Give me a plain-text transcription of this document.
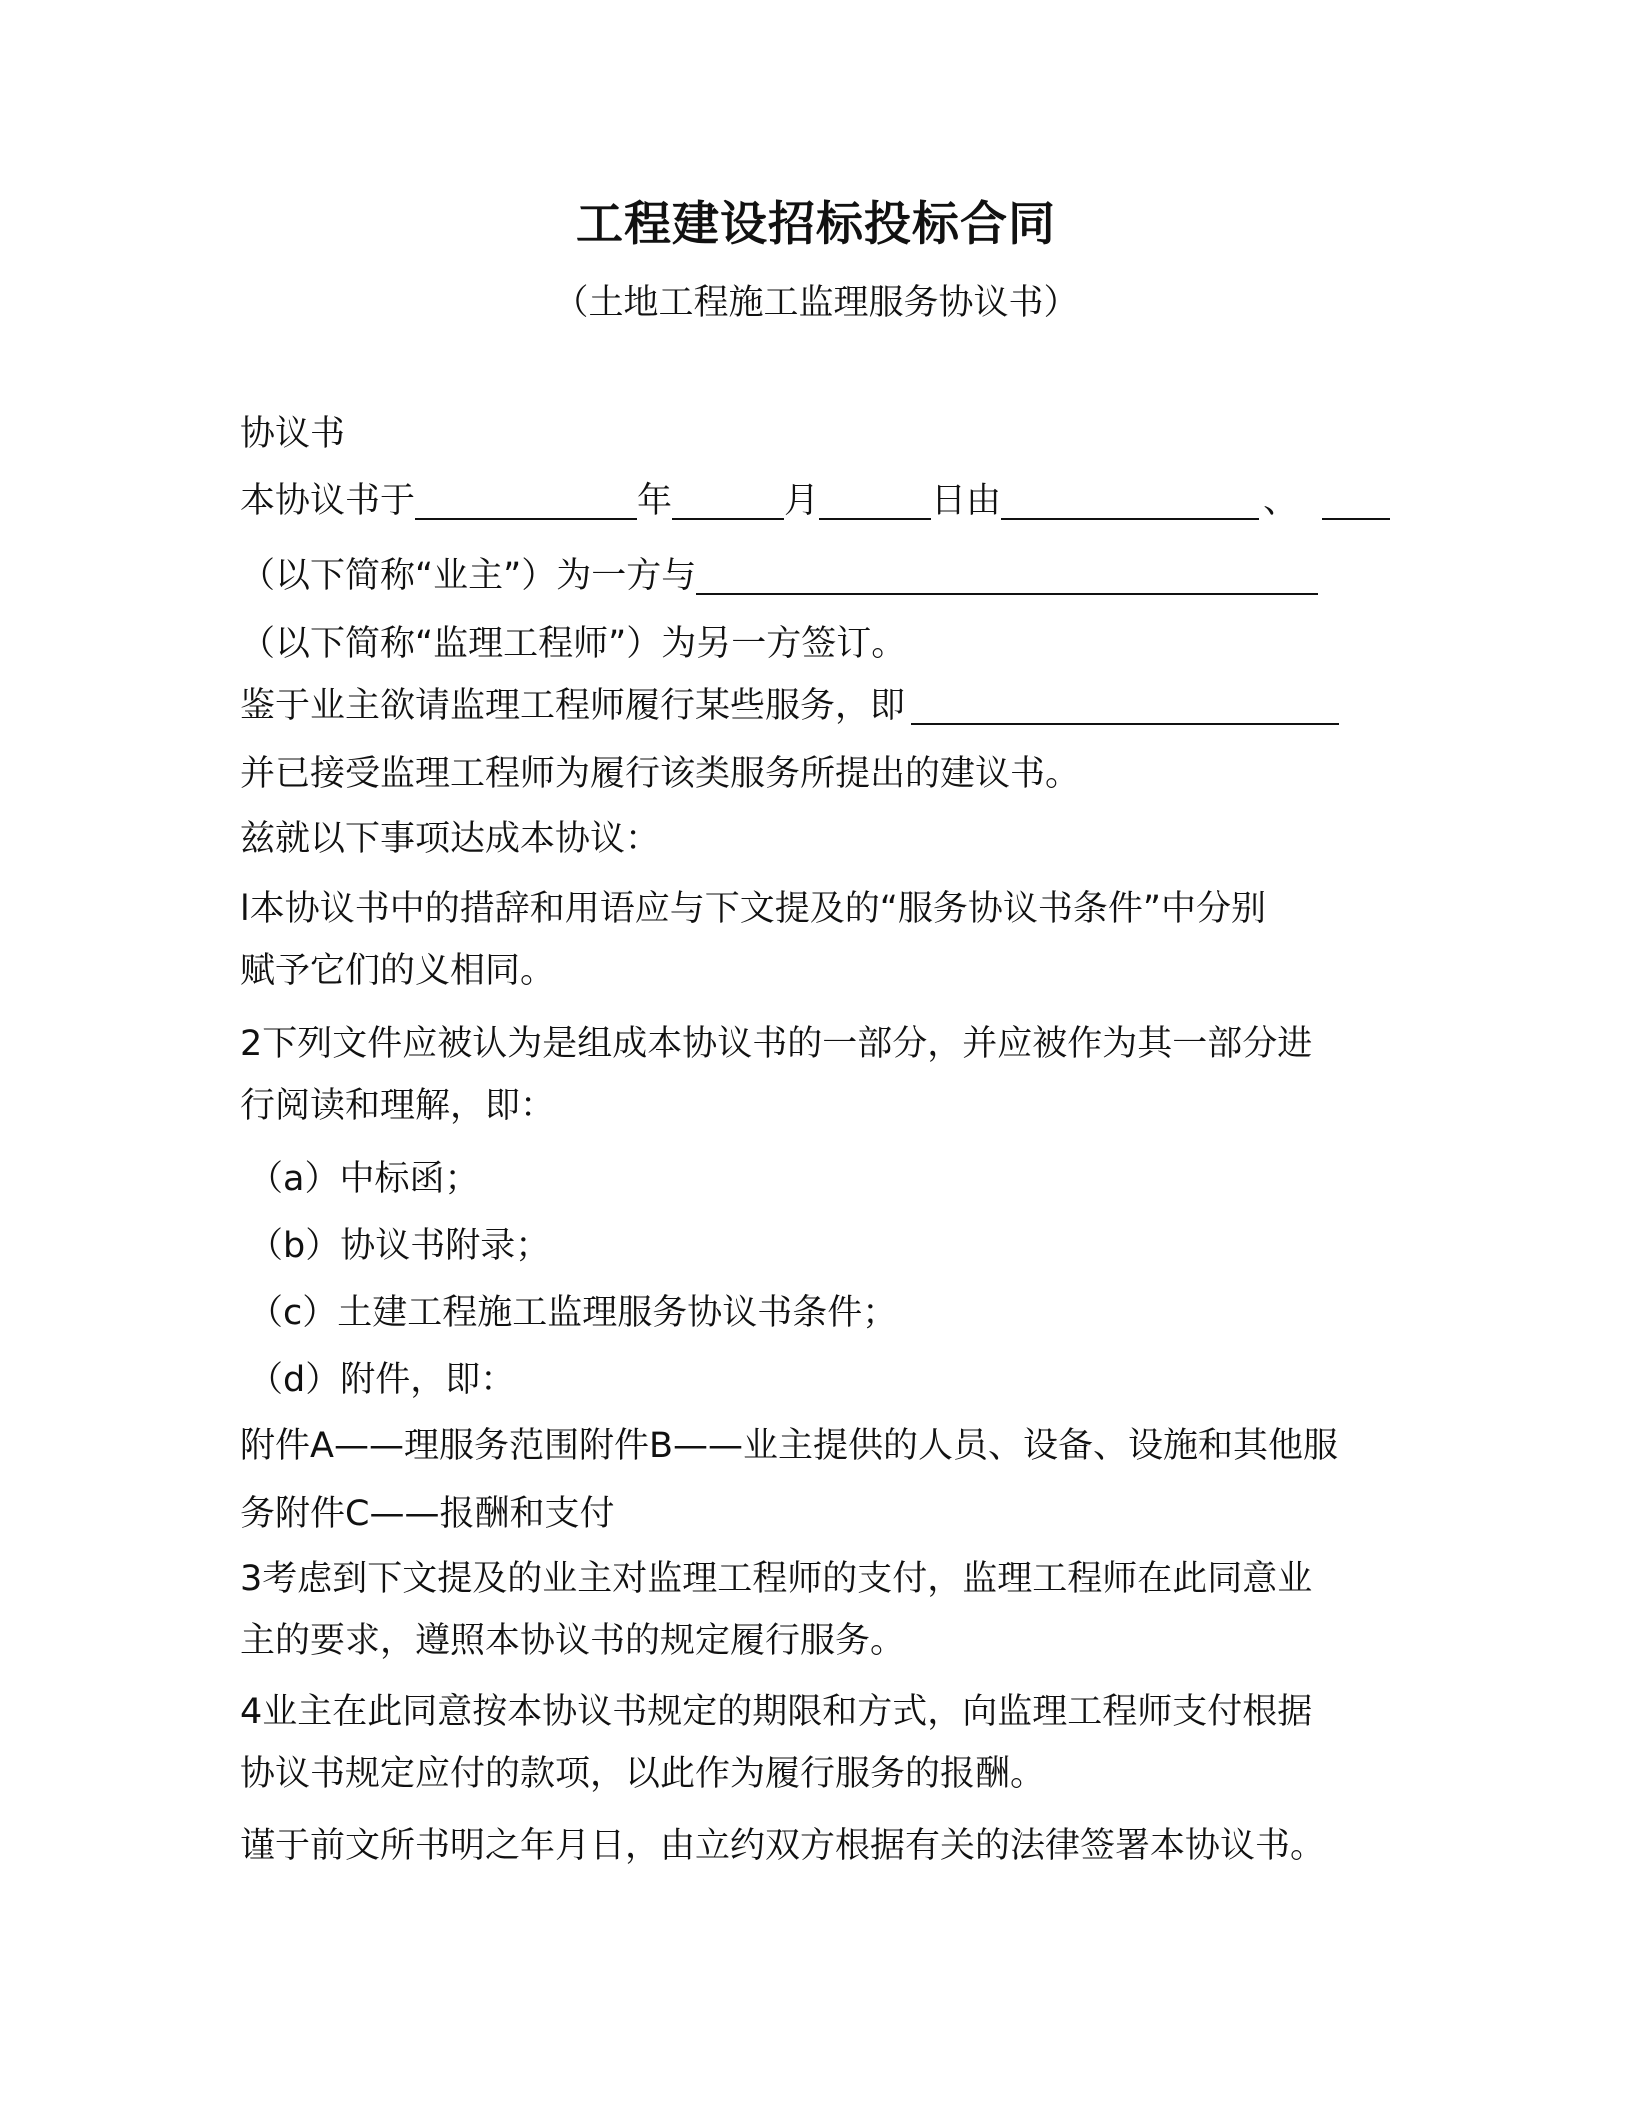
工程建设招标投标合同
（土地工程施工监理服务协议书）
协议书
本协议书于	年	月	日由	、
（以下简称“业主”）为一方与
（以下简称“监理工程师”）为另一方签订。
鉴于业主欲请监理工程师履行某些服务，即
并已接受监理工程师为履行该类服务所提出的建议书。
兹就以下事项达成本协议：
l本协议书中的措辞和用语应与下文提及的“服务协议书条件”中分别
赋予它们的义相同。
2下列文件应被认为是组成本协议书的一部分，并应被作为其一部分进
行阅读和理解，即：
（a）中标函；
（b）协议书附录；
（c）土建工程施工监理服务协议书条件；
（d）附件，即：
附件A——理服务范围附件B——业主提供的人员、设备、设施和其他服
务附件C——报酬和支付
3考虑到下文提及的业主对监理工程师的支付，监理工程师在此同意业
主的要求，遵照本协议书的规定履行服务。
4业主在此同意按本协议书规定的期限和方式，向监理工程师支付根据
协议书规定应付的款项，以此作为履行服务的报酬。
谨于前文所书明之年月日，由立约双方根据有关的法律签署本协议书。
